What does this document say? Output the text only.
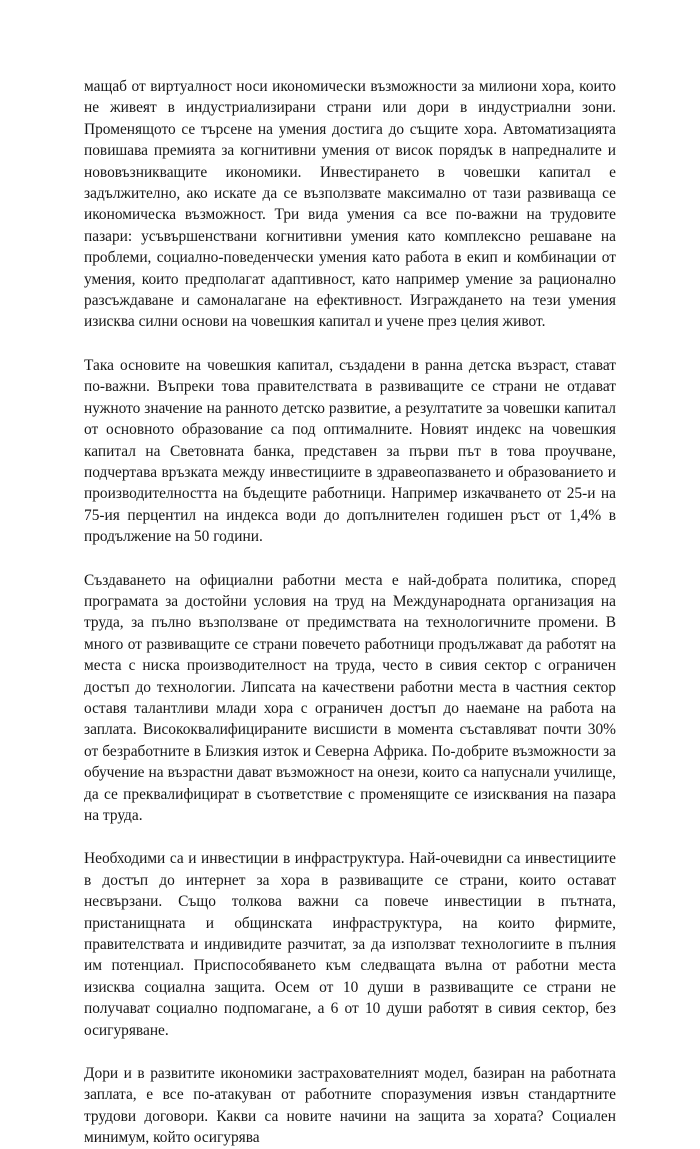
мащаб от виртуалност носи икономически възможности за милиони хора, които не живеят в индустриализирани страни или дори в индустриални зони. Променящото се търсене на умения достига до същите хора. Автоматизацията повишава премията за когнитивни умения от висок порядък в напредналите и нововъзникващите икономики. Инвестирането в човешки капитал е задължително, ако искате да се възползвате максимално от тази развиваща се икономическа възможност. Три вида умения са все по-важни на трудовите пазари: усъвършенствани когнитивни умения като комплексно решаване на проблеми, социално-поведенчески умения като работа в екип и комбинации от умения, които предполагат адаптивност, като например умение за рационално разсъждаване и самоналагане на ефективност. Изграждането на тези умения изисква силни основи на човешкия капитал и учене през целия живот.

Така основите на човешкия капитал, създадени в ранна детска възраст, стават по-важни. Въпреки това правителствата в развиващите се страни не отдават нужното значение на ранното детско развитие, а резултатите за човешки капитал от основното образование са под оптималните. Новият индекс на човешкия капитал на Световната банка, представен за първи път в това проучване, подчертава връзката между инвестициите в здравеопазването и образованието и производителността на бъдещите работници. Например изкачването от 25-и на 75-ия перцентил на индекса води до допълнителен годишен ръст от 1,4% в продължение на 50 години.

Създаването на официални работни места е най-добрата политика, според програмата за достойни условия на труд на Международната организация на труда, за пълно възползване от предимствата на технологичните промени. В много от развиващите се страни повечето работници продължават да работят на места с ниска производителност на труда, често в сивия сектор с ограничен достъп до технологии. Липсата на качествени работни места в частния сектор оставя талантливи млади хора с ограничен достъп до наемане на работа на заплата. Висококвалифицираните висшисти в момента съставляват почти 30% от безработните в Близкия изток и Северна Африка. По-добрите възможности за обучение на възрастни дават възможност на онези, които са напуснали училище, да се преквалифицират в съответствие с променящите се изисквания на пазара на труда.

Необходими са и инвестиции в инфраструктура. Най-очевидни са инвестициите в достъп до интернет за хора в развиващите се страни, които остават несвързани. Също толкова важни са повече инвестиции в пътната, пристанищната и общинската инфраструктура, на които фирмите, правителствата и индивидите разчитат, за да използват технологиите в пълния им потенциал. Приспособяването към следващата вълна от работни места изисква социална защита. Осем от 10 души в развиващите се страни не получават социално подпомагане, а 6 от 10 души работят в сивия сектор, без осигуряване.

Дори и в развитите икономики застрахователният модел, базиран на работната заплата, е все по-атакуван от работните споразумения извън стандартните трудови договори. Какви са новите начини на защита за хората? Социален минимум, който осигурява
